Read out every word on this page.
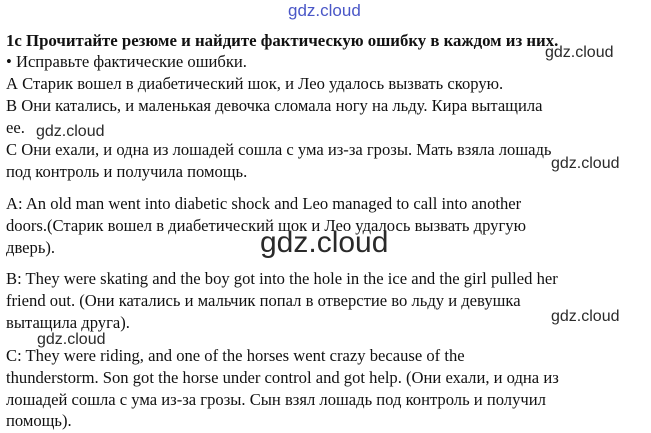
1c Прочитайте резюме и найдите фактическую ошибку в каждом из них.
• Исправьте фактические ошибки.
А Старик вошел в диабетический шок, и Лео удалось вызвать скорую.
В Они катались, и маленькая девочка сломала ногу на льду. Кира вытащила
ее.
С Они ехали, и одна из лошадей сошла с ума из-за грозы. Мать взяла лошадь
под контроль и получила помощь.
A: An old man went into diabetic shock and Leo managed to call into another
doors.(Старик вошел в диабетический шок и Лео удалось вызвать другую
дверь).
B: They were skating and the boy got into the hole in the ice and the girl pulled her
friend out. (Они катались и мальчик попал в отверстие во льду и девушка
вытащила друга).
C: They were riding, and one of the horses went crazy because of the
thunderstorm. Son got the horse under control and got help. (Они ехали, и одна из
лошадей сошла с ума из-за грозы. Сын взял лошадь под контроль и получил
помощь).
gdz.cloud
gdz.cloud
gdz.cloud
gdz.cloud
gdz.cloud
gdz.cloud
gdz.cloud
